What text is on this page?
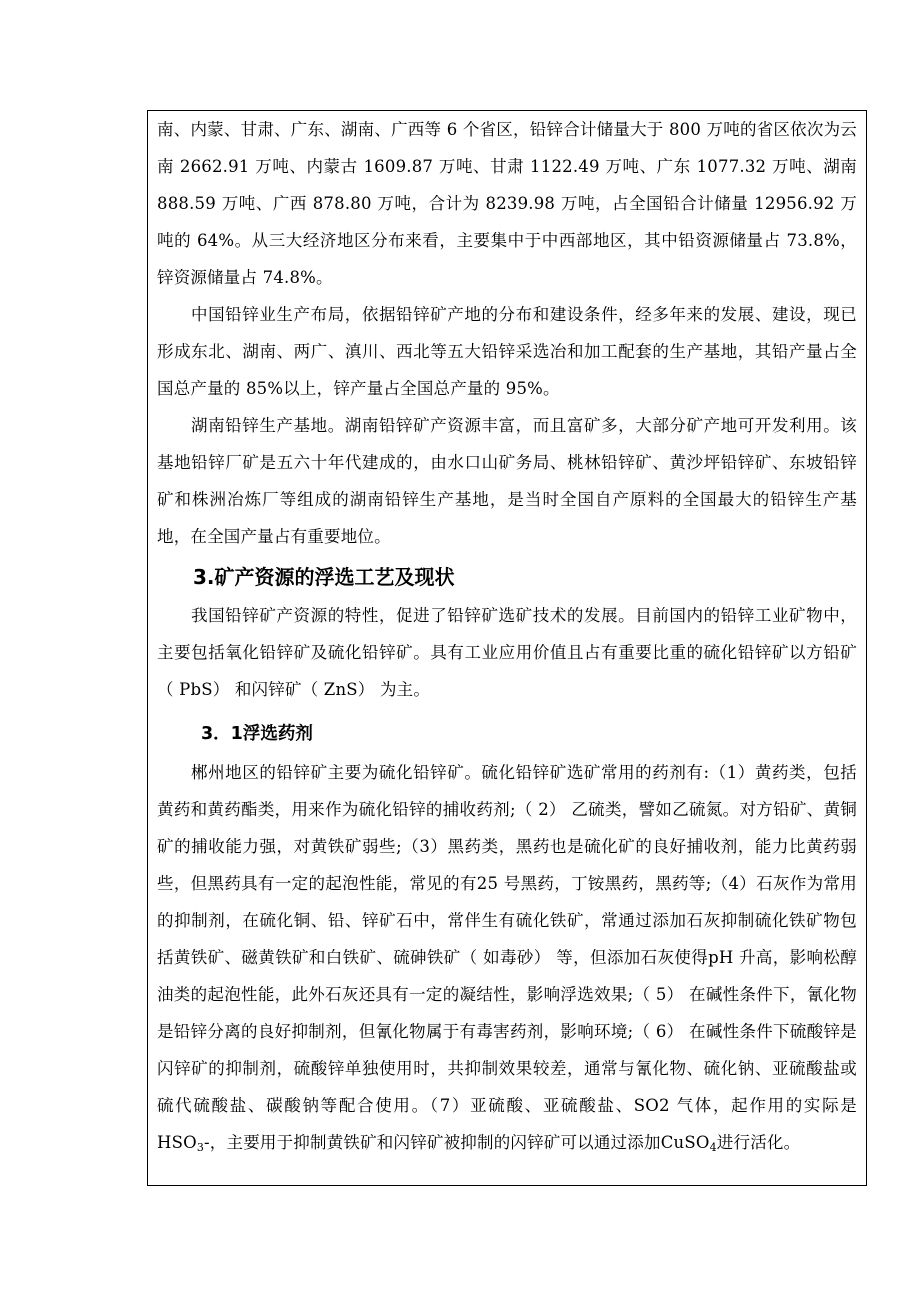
南、内蒙、甘肃、广东、湖南、广西等 6 个省区，铅锌合计储量大于 800 万吨的省区依次为云南 2662.91 万吨、内蒙古 1609.87 万吨、甘肃 1122.49 万吨、广东 1077.32 万吨、湖南 888.59 万吨、广西 878.80 万吨，合计为 8239.98 万吨，占全国铅合计储量 12956.92 万吨的 64%。从三大经济地区分布来看，主要集中于中西部地区，其中铅资源储量占 73.8%，锌资源储量占 74.8%。

中国铅锌业生产布局，依据铅锌矿产地的分布和建设条件，经多年来的发展、建设，现已形成东北、湖南、两广、滇川、西北等五大铅锌采选冶和加工配套的生产基地，其铅产量占全国总产量的 85%以上，锌产量占全国总产量的 95%。

湖南铅锌生产基地。湖南铅锌矿产资源丰富，而且富矿多，大部分矿产地可开发利用。该基地铅锌厂矿是五六十年代建成的，由水口山矿务局、桃林铅锌矿、黄沙坪铅锌矿、东坡铅锌矿和株洲冶炼厂等组成的湖南铅锌生产基地，是当时全国自产原料的全国最大的铅锌生产基地，在全国产量占有重要地位。

3.矿产资源的浮选工艺及现状

我国铅锌矿产资源的特性，促进了铅锌矿选矿技术的发展。目前国内的铅锌工业矿物中，主要包括氧化铅锌矿及硫化铅锌矿。具有工业应用价值且占有重要比重的硫化铅锌矿以方铅矿（ PbS） 和闪锌矿（ ZnS） 为主。

3．1浮选药剂

郴州地区的铅锌矿主要为硫化铅锌矿。硫化铅锌矿选矿常用的药剂有:（1）黄药类，包括黄药和黄药酯类，用来作为硫化铅锌的捕收药剂;（ 2） 乙硫类，譬如乙硫氮。对方铅矿、黄铜矿的捕收能力强，对黄铁矿弱些;（3）黑药类，黑药也是硫化矿的良好捕收剂，能力比黄药弱些，但黑药具有一定的起泡性能，常见的有25 号黑药，丁铵黑药，黑药等;（4）石灰作为常用的抑制剂，在硫化铜、铅、锌矿石中，常伴生有硫化铁矿，常通过添加石灰抑制硫化铁矿物包括黄铁矿、磁黄铁矿和白铁矿、硫砷铁矿（ 如毒砂） 等，但添加石灰使得pH 升高，影响松醇油类的起泡性能，此外石灰还具有一定的凝结性，影响浮选效果;（ 5） 在碱性条件下，氰化物是铅锌分离的良好抑制剂，但氰化物属于有毒害药剂，影响环境;（ 6） 在碱性条件下硫酸锌是闪锌矿的抑制剂，硫酸锌单独使用时，共抑制效果较差，通常与氰化物、硫化钠、亚硫酸盐或硫代硫酸盐、碳酸钠等配合使用。（7）亚硫酸、亚硫酸盐、SO2 气体，起作用的实际是$HSO_3-$，主要用于抑制黄铁矿和闪锌矿被抑制的闪锌矿可以通过添加CuSO$_4$进行活化。
